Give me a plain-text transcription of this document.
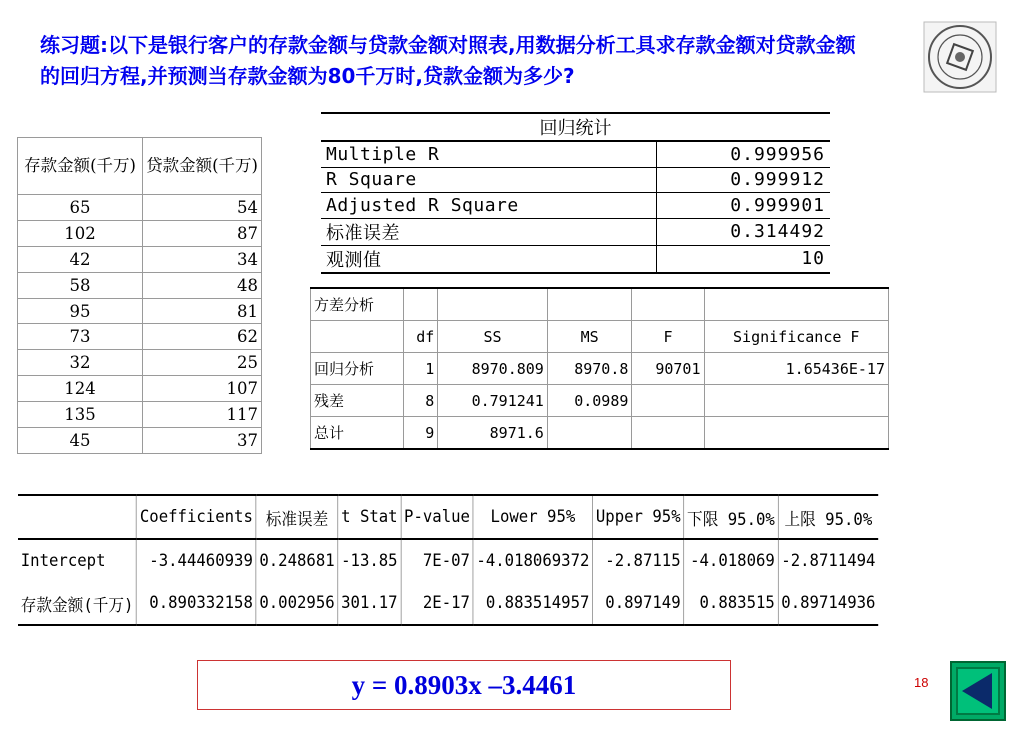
练习题:以下是银行客户的存款金额与贷款金额对照表,用数据分析工具求存款金额对贷款金额的回归方程,并预测当存款金额为80千万时,贷款金额为多少?

存款金额(千万)	贷款金额(千万)
65	54
102	87
42	34
58	48
95	81
73	62
32	25
124	107
135	117
45	37
回归统计	
Multiple R	0.999956
R Square	0.999912
Adjusted R Square	0.999901
标准误差	0.314492
观测值	10
方差分析					
	df	SS	MS	F	Significance F
回归分析	1	8970.809	8970.8	90701	1.65436E-17
残差	8	0.791241	0.0989		
总计	9	8971.6			
	Coefficients	标准误差	t Stat	P-value	Lower 95%	Upper 95%	下限 95.0%	上限 95.0%
Intercept	-3.44460939	0.248681	-13.85	7E-07	-4.018069372	-2.87115	-4.018069	-2.8711494
存款金额(千万)	0.890332158	0.002956	301.17	2E-17	0.883514957	0.897149	0.883515	0.89714936
y = 0.8903x –3.4461	18
